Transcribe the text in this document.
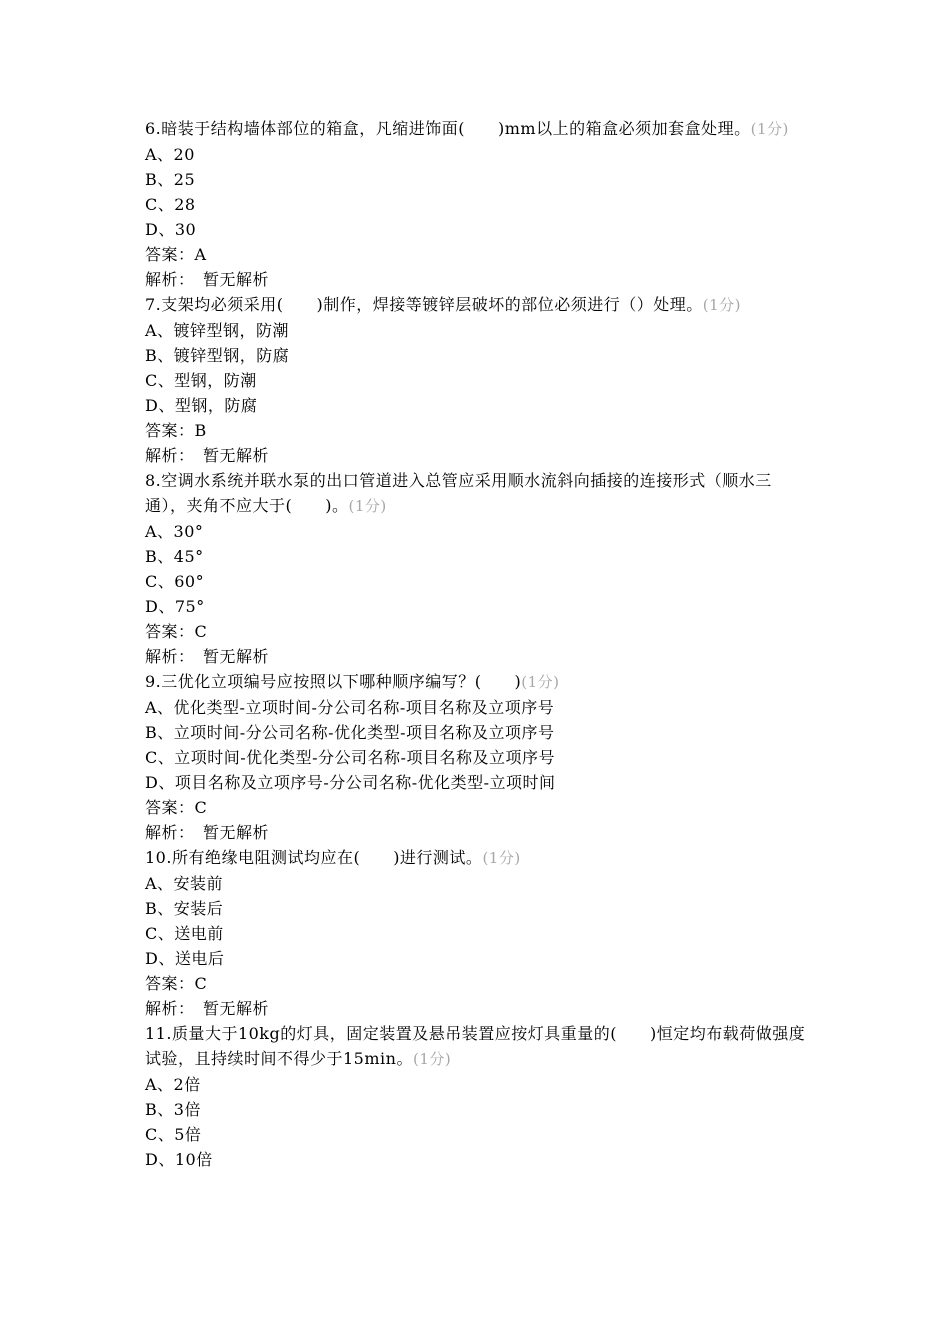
6.暗装于结构墙体部位的箱盒，凡缩进饰面(　　)mm以上的箱盒必须加套盒处理。(1分)
A、20
B、25
C、28
D、30
答案：A
解析：　暂无解析
7.支架均必须采用(　　)制作，焊接等镀锌层破坏的部位必须进行（）处理。(1分)
A、镀锌型钢，防潮
B、镀锌型钢，防腐
C、型钢，防潮
D、型钢，防腐
答案：B
解析：　暂无解析
8.空调水系统并联水泵的出口管道进入总管应采用顺水流斜向插接的连接形式（顺水三通），夹角不应大于(　　)。(1分)
A、30°
B、45°
C、60°
D、75°
答案：C
解析：　暂无解析
9.三优化立项编号应按照以下哪种顺序编写？(　　)(1分)
A、优化类型-立项时间-分公司名称-项目名称及立项序号
B、立项时间-分公司名称-优化类型-项目名称及立项序号
C、立项时间-优化类型-分公司名称-项目名称及立项序号
D、项目名称及立项序号-分公司名称-优化类型-立项时间
答案：C
解析：　暂无解析
10.所有绝缘电阻测试均应在(　　)进行测试。(1分)
A、安装前
B、安装后
C、送电前
D、送电后
答案：C
解析：　暂无解析
11.质量大于10kg的灯具，固定装置及悬吊装置应按灯具重量的(　　)恒定均布载荷做强度试验，且持续时间不得少于15min。(1分)
A、2倍
B、3倍
C、5倍
D、10倍
